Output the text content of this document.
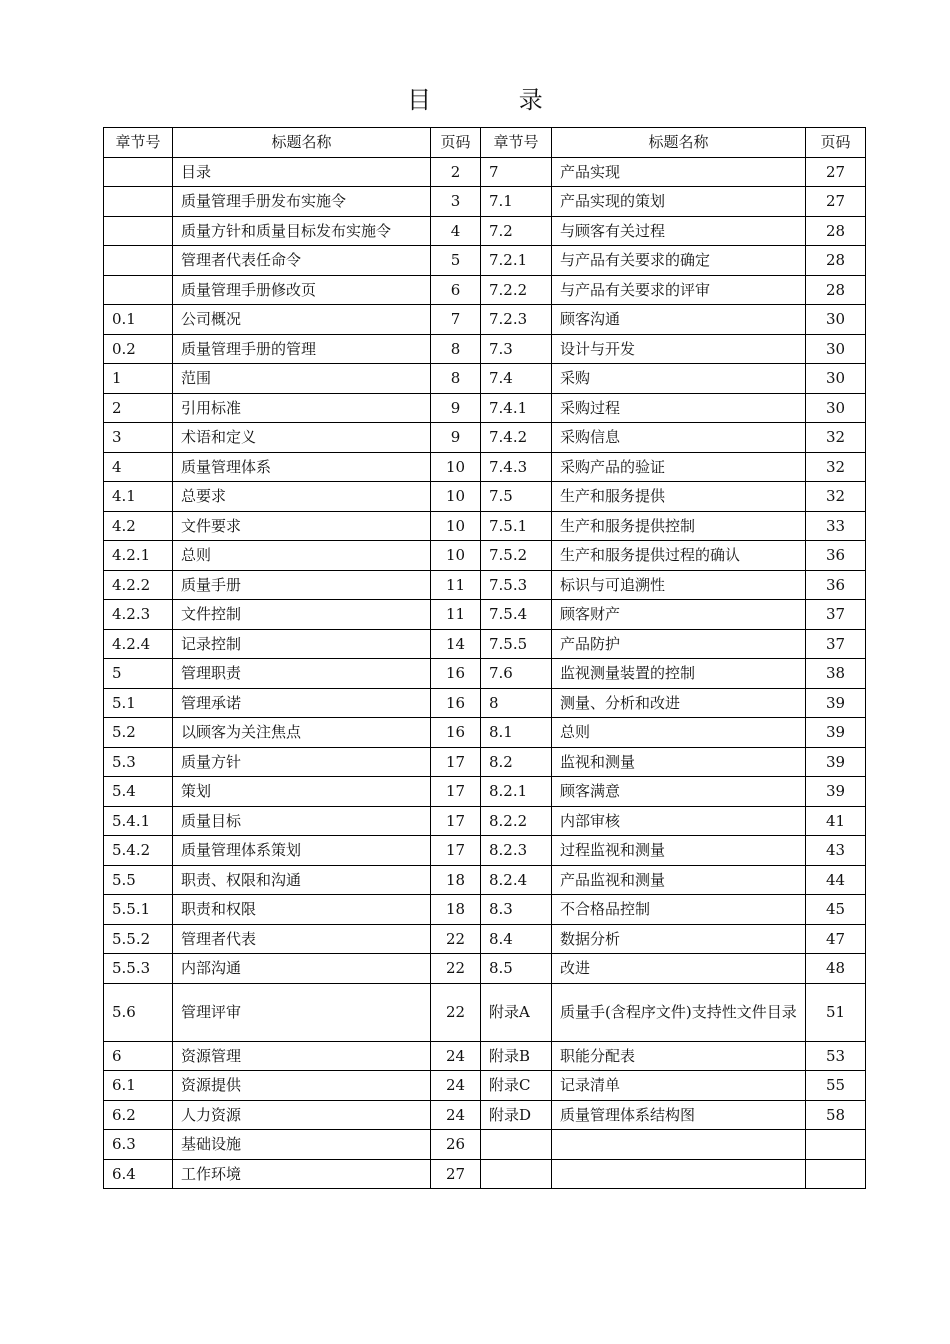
目 录
章节号	标题名称	页码	章节号	标题名称	页码
	目录	2	7	产品实现	27
	质量管理手册发布实施令	3	7.1	产品实现的策划	27
	质量方针和质量目标发布实施令	4	7.2	与顾客有关过程	28
	管理者代表任命令	5	7.2.1	与产品有关要求的确定	28
	质量管理手册修改页	6	7.2.2	与产品有关要求的评审	28
0.1	公司概况	7	7.2.3	顾客沟通	30
0.2	质量管理手册的管理	8	7.3	设计与开发	30
1	范围	8	7.4	采购	30
2	引用标准	9	7.4.1	采购过程	30
3	术语和定义	9	7.4.2	采购信息	32
4	质量管理体系	10	7.4.3	采购产品的验证	32
4.1	总要求	10	7.5	生产和服务提供	32
4.2	文件要求	10	7.5.1	生产和服务提供控制	33
4.2.1	总则	10	7.5.2	生产和服务提供过程的确认	36
4.2.2	质量手册	11	7.5.3	标识与可追溯性	36
4.2.3	文件控制	11	7.5.4	顾客财产	37
4.2.4	记录控制	14	7.5.5	产品防护	37
5	管理职责	16	7.6	监视测量装置的控制	38
5.1	管理承诺	16	8	测量、分析和改进	39
5.2	以顾客为关注焦点	16	8.1	总则	39
5.3	质量方针	17	8.2	监视和测量	39
5.4	策划	17	8.2.1	顾客满意	39
5.4.1	质量目标	17	8.2.2	内部审核	41
5.4.2	质量管理体系策划	17	8.2.3	过程监视和测量	43
5.5	职责、权限和沟通	18	8.2.4	产品监视和测量	44
5.5.1	职责和权限	18	8.3	不合格品控制	45
5.5.2	管理者代表	22	8.4	数据分析	47
5.5.3	内部沟通	22	8.5	改进	48
5.6	管理评审	22	附录A	质量手(含程序文件)支持性文件目录	51
6	资源管理	24	附录B	职能分配表	53
6.1	资源提供	24	附录C	记录清单	55
6.2	人力资源	24	附录D	质量管理体系结构图	58
6.3	基础设施	26			
6.4	工作环境	27			
